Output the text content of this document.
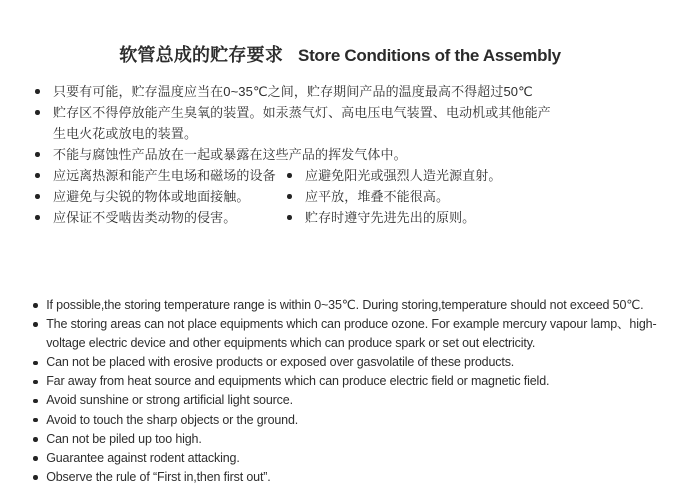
软管总成的贮存要求 Store Conditions of the Assembly
只要有可能，贮存温度应当在0~35℃之间，贮存期间产品的温度最高不得超过50℃
贮存区不得停放能产生臭氧的装置。如汞蒸气灯、高电压电气装置、电动机或其他能产
生电火花或放电的装置。
不能与腐蚀性产品放在一起或暴露在这些产品的挥发气体中。
应远离热源和能产生电场和磁场的设备
应避免与尖锐的物体或地面接触。
应保证不受啮齿类动物的侵害。
应避免阳光或强烈人造光源直射。
应平放，堆叠不能很高。
贮存时遵守先进先出的原则。
If possible,the storing temperature range is within 0~35℃. During storing,temperature should not exceed 50℃.
The storing areas can not place equipments which can produce ozone. For example mercury vapour lamp、high-
voltage electric device and other equipments which can produce spark or set out electricity.
Can not be placed with erosive products or exposed over gasvolatile of these products.
Far away from heat source and equipments which can produce electric field or magnetic field.
Avoid sunshine or strong artificial light source.
Avoid to touch the sharp objects or the ground.
Can not be piled up too high.
Guarantee against rodent attacking.
Observe the rule of “First in,then first out”.
